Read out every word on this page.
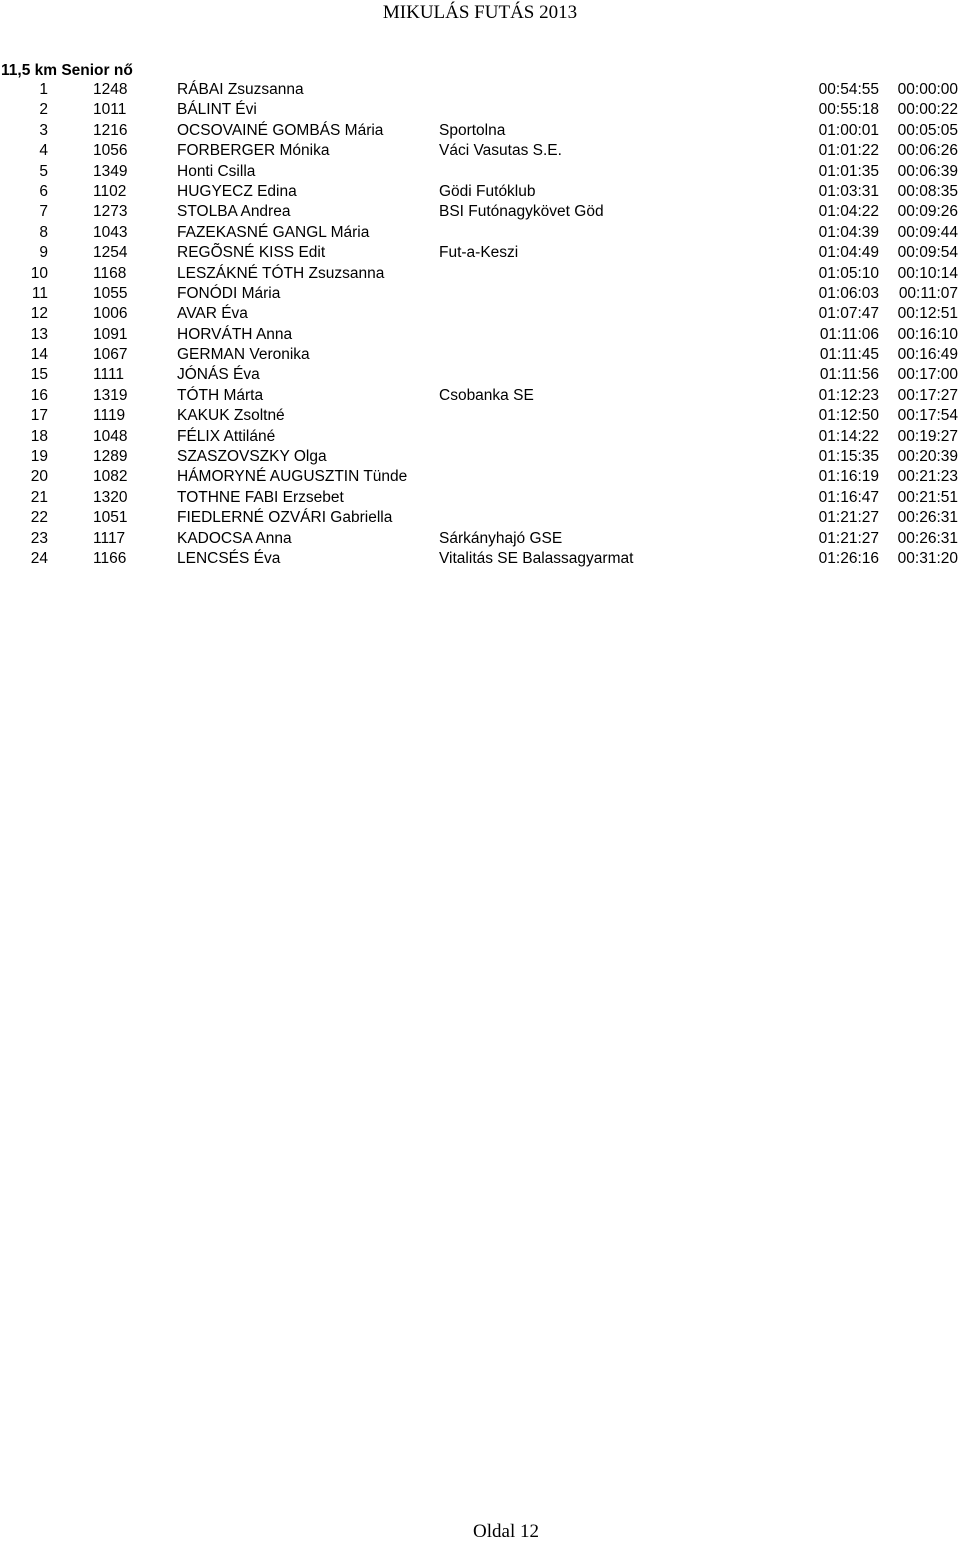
MIKULÁS FUTÁS 2013
11,5 km Senior nő
1	1248	RÁBAI Zsuzsanna	00:54:55 00:00:00
2	1011	BÁLINT Évi	00:55:18 00:00:22
3	1216	OCSOVAINÉ GOMBÁS Mária	Sportolna	01:00:01 00:05:05
4	1056	FORBERGER Mónika	Váci Vasutas S.E.	01:01:22 00:06:26
5	1349	Honti Csilla	01:01:35 00:06:39
6	1102	HUGYECZ Edina	Gödi Futóklub	01:03:31 00:08:35
7	1273	STOLBA Andrea	BSI Futónagykövet Göd	01:04:22 00:09:26
8	1043	FAZEKASNÉ GANGL Mária	01:04:39 00:09:44
9	1254	REGÕSNÉ KISS Edit	Fut-a-Keszi	01:04:49 00:09:54
10	1168	LESZÁKNÉ TÓTH Zsuzsanna	01:05:10 00:10:14
11	1055	FONÓDI Mária	01:06:03 00:11:07
12	1006	AVAR Éva	01:07:47 00:12:51
13	1091	HORVÁTH Anna	01:11:06 00:16:10
14	1067	GERMAN Veronika	01:11:45 00:16:49
15	1111	JÓNÁS Éva	01:11:56 00:17:00
16	1319	TÓTH Márta	Csobanka SE	01:12:23 00:17:27
17	1119	KAKUK Zsoltné	01:12:50 00:17:54
18	1048	FÉLIX Attiláné	01:14:22 00:19:27
19	1289	SZASZOVSZKY Olga	01:15:35 00:20:39
20	1082	HÁMORYNÉ AUGUSZTIN Tünde	01:16:19 00:21:23
21	1320	TOTHNE FABI Erzsebet	01:16:47 00:21:51
22	1051	FIEDLERNÉ OZVÁRI Gabriella	01:21:27 00:26:31
23	1117	KADOCSA Anna	Sárkányhajó GSE	01:21:27 00:26:31
24	1166	LENCSÉS Éva	Vitalitás SE Balassagyarmat	01:26:16 00:31:20
Oldal 12
